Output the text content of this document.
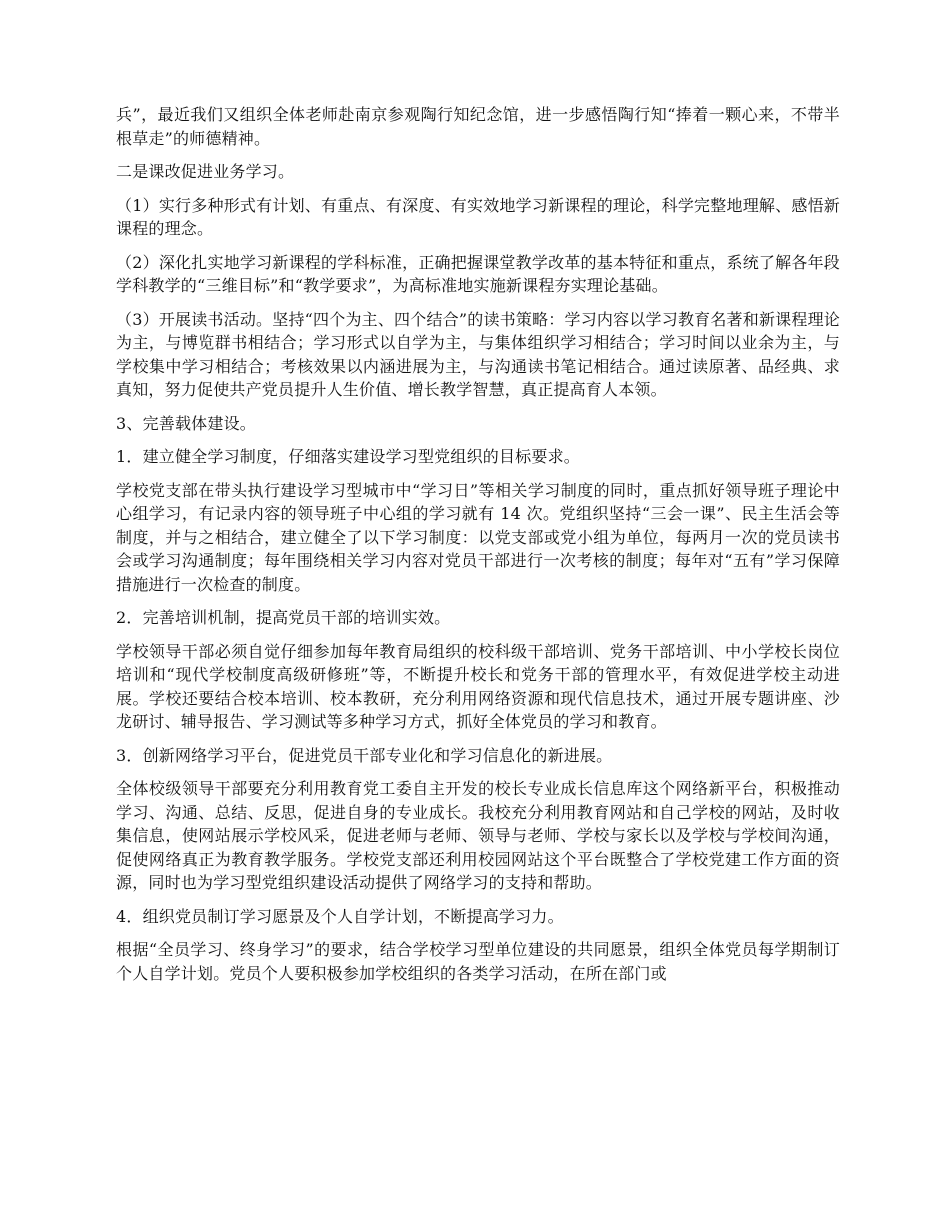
兵”，最近我们又组织全体老师赴南京参观陶行知纪念馆，进一步感悟陶行知“捧着一颗心来，不带半根草走”的师德精神。

二是课改促进业务学习。

（1）实行多种形式有计划、有重点、有深度、有实效地学习新课程的理论，科学完整地理解、感悟新课程的理念。

（2）深化扎实地学习新课程的学科标准，正确把握课堂教学改革的基本特征和重点，系统了解各年段学科教学的“三维目标”和“教学要求”，为高标准地实施新课程夯实理论基础。

（3）开展读书活动。坚持“四个为主、四个结合”的读书策略：学习内容以学习教育名著和新课程理论为主，与博览群书相结合；学习形式以自学为主，与集体组织学习相结合；学习时间以业余为主，与学校集中学习相结合；考核效果以内涵进展为主，与沟通读书笔记相结合。通过读原著、品经典、求真知，努力促使共产党员提升人生价值、增长教学智慧，真正提高育人本领。

3、完善载体建设。

1．建立健全学习制度，仔细落实建设学习型党组织的目标要求。

学校党支部在带头执行建设学习型城市中“学习日”等相关学习制度的同时，重点抓好领导班子理论中心组学习，有记录内容的领导班子中心组的学习就有 14 次。党组织坚持“三会一课”、民主生活会等制度，并与之相结合，建立健全了以下学习制度：以党支部或党小组为单位，每两月一次的党员读书会或学习沟通制度；每年围绕相关学习内容对党员干部进行一次考核的制度；每年对“五有”学习保障措施进行一次检查的制度。

2．完善培训机制，提高党员干部的培训实效。

学校领导干部必须自觉仔细参加每年教育局组织的校科级干部培训、党务干部培训、中小学校长岗位培训和“现代学校制度高级研修班”等，不断提升校长和党务干部的管理水平，有效促进学校主动进展。学校还要结合校本培训、校本教研，充分利用网络资源和现代信息技术，通过开展专题讲座、沙龙研讨、辅导报告、学习测试等多种学习方式，抓好全体党员的学习和教育。

3．创新网络学习平台，促进党员干部专业化和学习信息化的新进展。

全体校级领导干部要充分利用教育党工委自主开发的校长专业成长信息库这个网络新平台，积极推动学习、沟通、总结、反思，促进自身的专业成长。我校充分利用教育网站和自己学校的网站，及时收集信息，使网站展示学校风采，促进老师与老师、领导与老师、学校与家长以及学校与学校间沟通，促使网络真正为教育教学服务。学校党支部还利用校园网站这个平台既整合了学校党建工作方面的资源，同时也为学习型党组织建设活动提供了网络学习的支持和帮助。

4．组织党员制订学习愿景及个人自学计划，不断提高学习力。

根据“全员学习、终身学习”的要求，结合学校学习型单位建设的共同愿景，组织全体党员每学期制订个人自学计划。党员个人要积极参加学校组织的各类学习活动，在所在部门或
